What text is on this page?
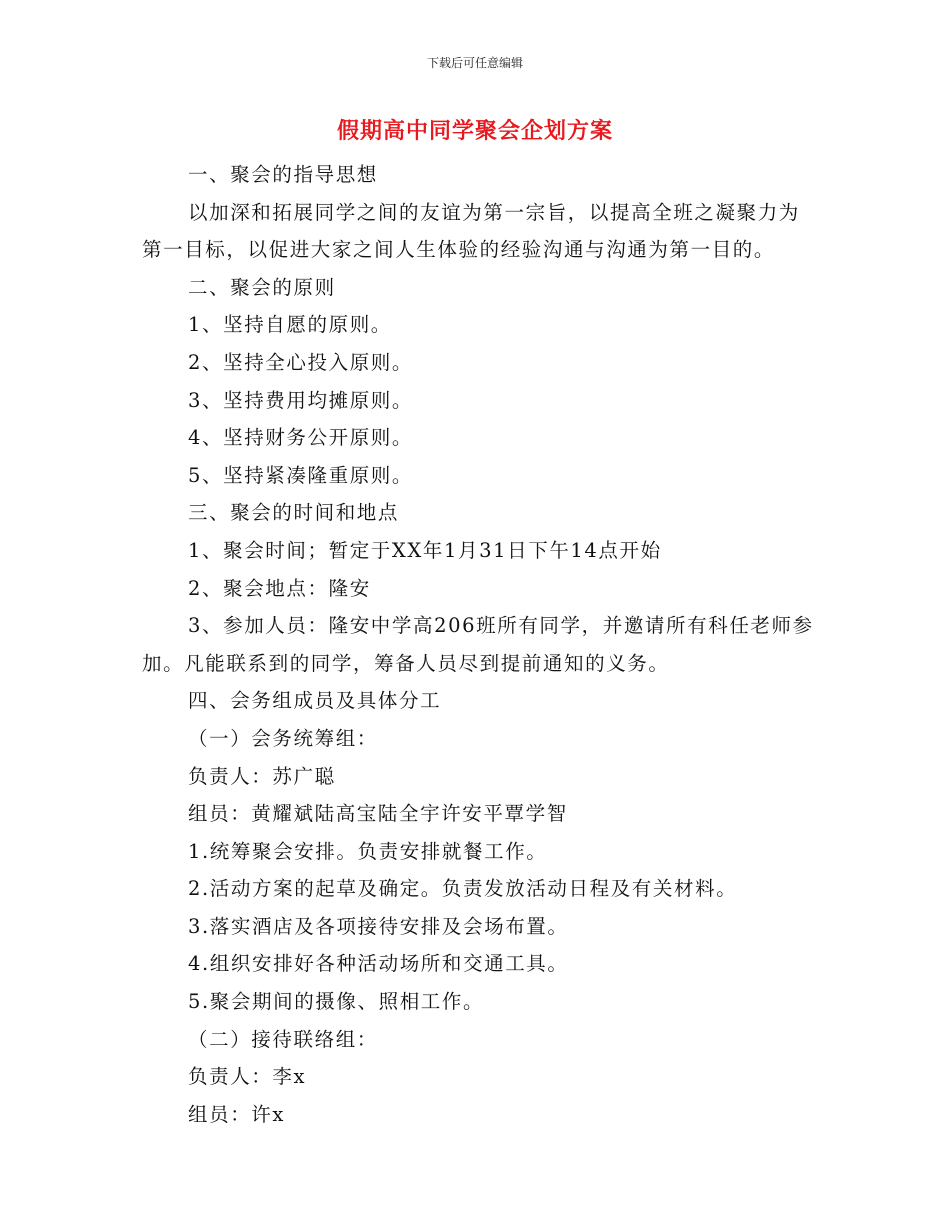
下载后可任意编辑
假期高中同学聚会企划方案

一、聚会的指导思想

以加深和拓展同学之间的友谊为第一宗旨，以提高全班之凝聚力为第一目标，以促进大家之间人生体验的经验沟通与沟通为第一目的。

二、聚会的原则

1、坚持自愿的原则。

2、坚持全心投入原则。

3、坚持费用均摊原则。

4、坚持财务公开原则。

5、坚持紧凑隆重原则。

三、聚会的时间和地点

1、聚会时间；暂定于XX年1月31日下午14点开始

2、聚会地点：隆安

3、参加人员：隆安中学高206班所有同学，并邀请所有科任老师参加。凡能联系到的同学，筹备人员尽到提前通知的义务。

四、会务组成员及具体分工

（一）会务统筹组：

负责人：苏广聪

组员：黄耀斌陆高宝陆全宇许安平覃学智

1.统筹聚会安排。负责安排就餐工作。

2.活动方案的起草及确定。负责发放活动日程及有关材料。

3.落实酒店及各项接待安排及会场布置。

4.组织安排好各种活动场所和交通工具。

5.聚会期间的摄像、照相工作。

（二）接待联络组：

负责人：李x

组员：许x
